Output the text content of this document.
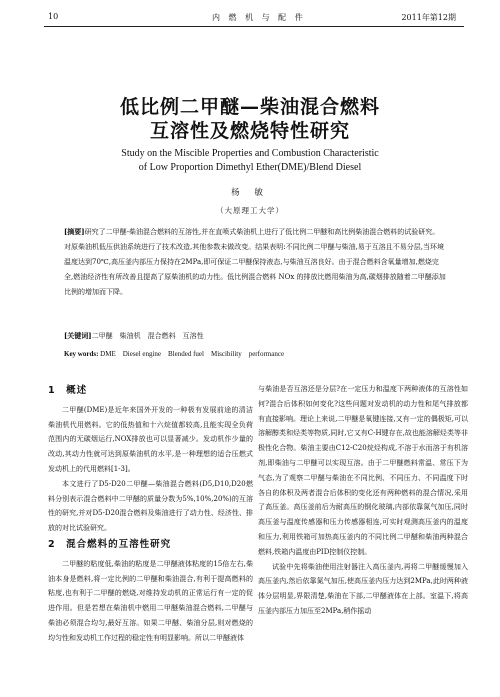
10	内 燃 机 与 配 件	2011年第12期
低比例二甲醚—柴油混合燃料
互溶性及燃烧特性研究
Study on the Miscible Properties and Combustion Characteristic
of Low Proportion Dimethyl Ether(DME)/Blend Diesel
杨 敏
（大原理工大学）
[摘要]研究了二甲醚-柴油混合燃料的互溶性,并在直喷式柴油机上进行了低比例二甲醚和高比例柴油混合燃料的试验研究。对原柴油机低压供油系统进行了技术改造,其他参数未做改变。结果表明:不同比例二甲醚与柴油,易于互溶且不易分层,当环境温度达到70℃,高压釜内部压力保持在2MPa,即可保证二甲醚保持液态,与柴油互溶良好。由于混合燃料含氧量增加,燃烧完全,燃油经济性有所改善且提高了原柴油机的动力性。低比例混合燃料 NOx 的排放比燃用柴油为高,碳烟排放随着二甲醚添加比例的增加而下降。
[关键词]二甲醚　柴油机　混合燃料　互溶性
Key words: DME　Diesel engine　Blended fuel　Miscibility　performance
1　概述

二甲醚(DME)是近年来国外开发的一种极有发展前途的清洁柴油机代用燃料。它的低热值和十六烷值都较高,且能实现全负荷范围内的无碳烟运行,NOX排放也可以显著减少。发动机作少量的改动,其动力性就可达到原柴油机的水平,是一种理想的适合压燃式发动机上的代用燃料[1-3]。

本文进行了D5-D20二甲醚—柴油混合燃料(D5,D10,D20燃料分别表示混合燃料中二甲醚的质量分数为5%,10%,20%)的互溶性的研究,并对D5-D20混合燃料及柴油进行了动力性、经济性、排放的对比试验研究。

2　混合燃料的互溶性研究

二甲醚的粘度低,柴油的粘度是二甲醚液体粘度的15倍左右,柴油本身是燃料,将一定比例的二甲醚和柴油混合,有利于提高燃料的粘度,也有利于二甲醚的燃烧,对维持发动机的正常运行有一定的促进作用。但是若想在柴油机中燃用二甲醚柴油混合燃料,二甲醚与柴油必须混合均匀,最好互溶。如果二甲醚、柴油分层,则对燃烧的均匀性和发动机工作过程的稳定性有明显影响。所以二甲醚液体

与柴油是否互溶还是分层?在一定压力和温度下两种液体的互溶性如何?混合后体积如何变化?这些问题对发动机的动力性和尾气排放都有直接影响。理论上来说,二甲醚是氧键连接,又有一定的偶极矩,可以溶解醇类和烃类等物质,同时,它又有C-H键存在,故也能溶解烃类等非极性化合物。柴油主要由C12-C20烷烃构成,不溶于水而溶于有机溶剂,即柴油与二甲醚可以实现互溶。由于二甲醚燃料常温、常压下为气态,为了观察二甲醚与柴油在不同比例、不同压力、不同温度下时各自的体积及两者混合后体积的变化还有两种燃料的混合情况,采用了高压釜。高压釜前后为耐高压的钢化玻璃,内部依靠氮气加压,同时高压釜与温度传感器和压力传感器相连,可实时观测高压釜内的温度和压力,利用铁箱可加热高压釜内的不同比例二甲醚和柴油两种混合燃料,铁箱内温度由PID控制仪控制。

试验中先将柴油使用注射器注入高压釜内,再将二甲醚缓慢加入高压釜内,然后依靠氮气加压,使高压釜内压力达到2MPa,此时两种液体分层明显,界限清楚,柴油在下部,二甲醚液体在上部。室温下,将高压釜内部压力加压至2MPa,稍作摇动
